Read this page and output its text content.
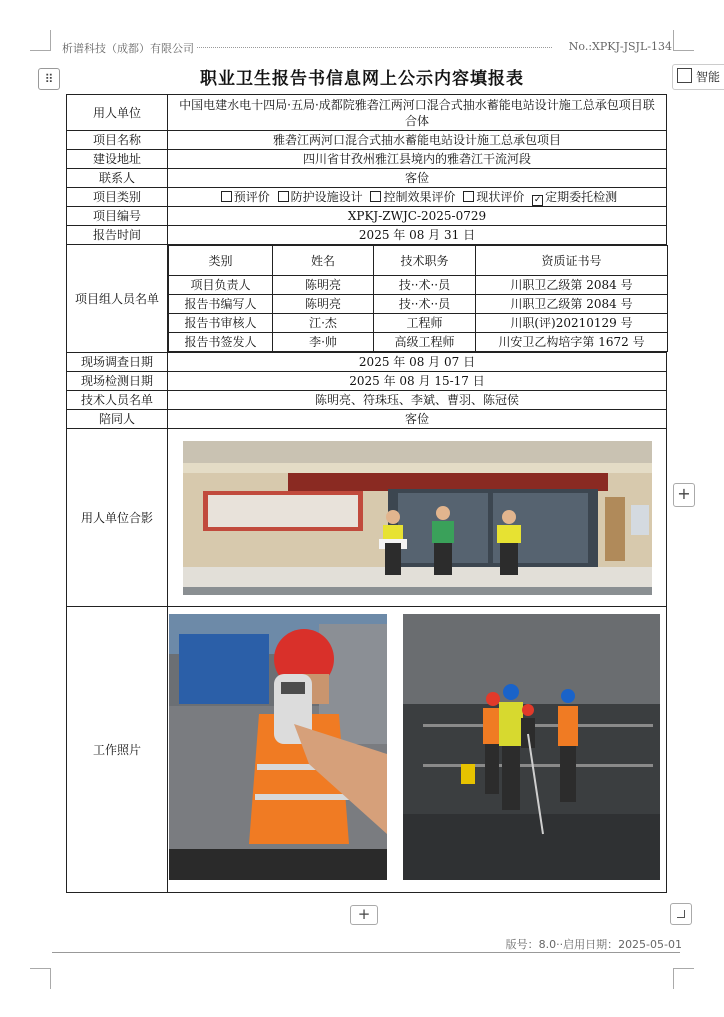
析谱科技（成都）有限公司	No.:XPKJ-JSJL-134
⠿	智能
职业卫生报告书信息网上公示内容填报表
用人单位	中国电建水电十四局·五局·成都院雅砻江两河口混合式抽水蓄能电站设计施工总承包项目联合体
项目名称	雅砻江两河口混合式抽水蓄能电站设计施工总承包项目
建设地址	四川省甘孜州雅江县境内的雅砻江干流河段
联系人	客俭
项目类别	预评价 防护设施设计 控制效果评价 现状评价 ✓ 定期委托检测
项目编号	XPKJ-ZWJC-2025-0729
报告时间	2025 年 08 月 31 日
项目组人员名单	
类别	姓名	技术职务	资质证书号
项目负责人	陈明亮	技··术··员	川职卫乙级第 2084 号
报告书编写人	陈明亮	技··术··员	川职卫乙级第 2084 号
报告书审核人	江·杰	工程师	川职(评)20210129 号
报告书签发人	李·帅	高级工程师	川安卫乙构培字第 1672 号

现场调查日期	2025 年 08 月 07 日
现场检测日期	2025 年 08 月 15-17 日
技术人员名单	陈明亮、符珠珏、李斌、曹羽、陈冠侯
陪同人	客俭
用人单位合影	

工作照片	
+
+
版号：8.0··启用日期：2025-05-01
